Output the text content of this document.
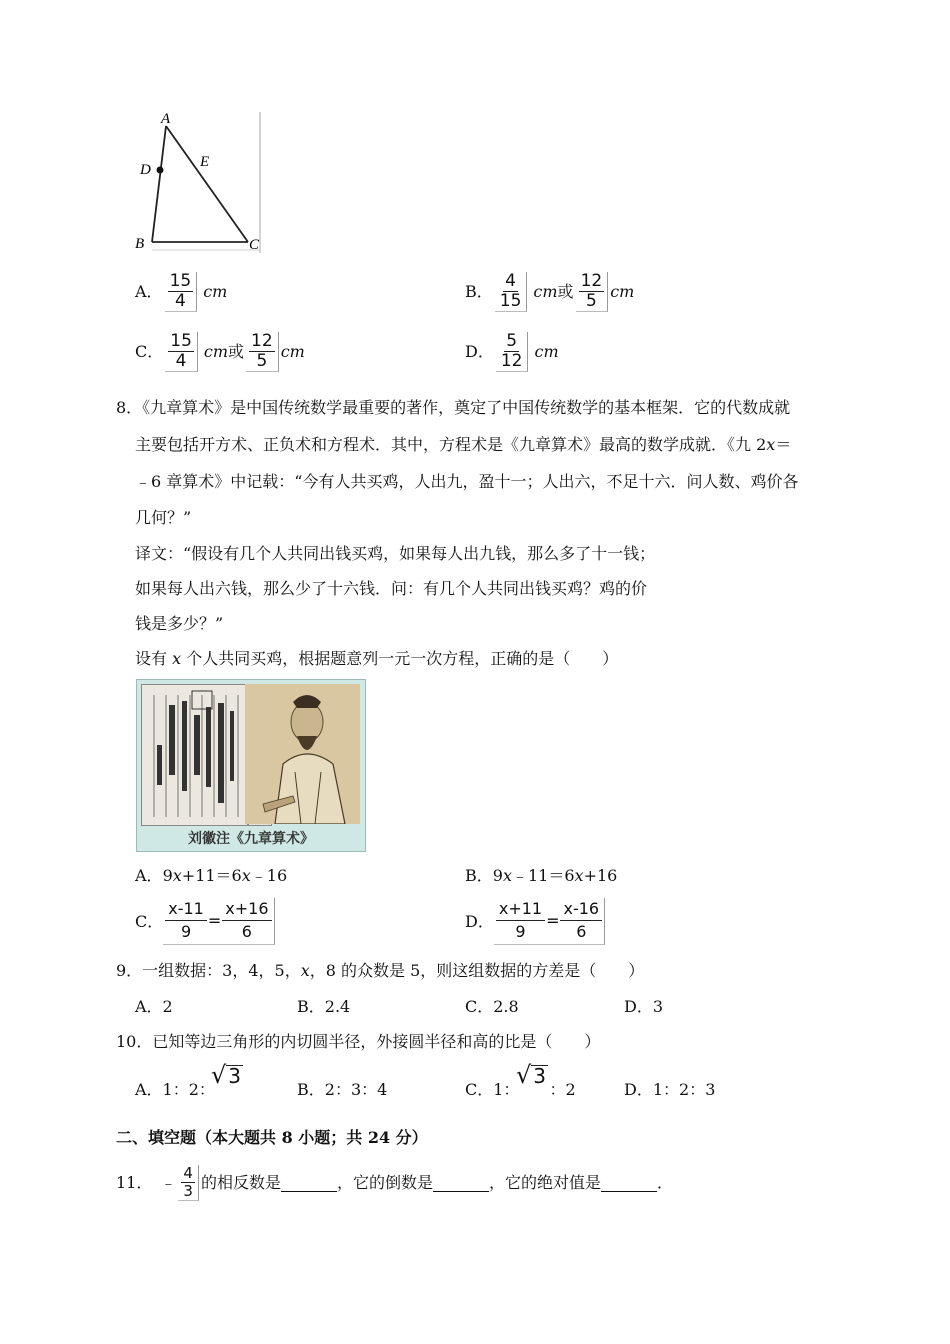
A
D	E
B	C
A． $\frac{15}{4}$ cm	B． $\frac{4}{15}$ cm 或 $\frac{12}{5}$ cm
C． $\frac{15}{4}$ cm 或 $\frac{12}{5}$ cm	D． $\frac{5}{12}$ cm
8．《九章算术》是中国传统数学最重要的著作，奠定了中国传统数学的基本框架．它的代数成就
主要包括开方术、正负术和方程术．其中，方程术是《九章算术》最高的数学成就．《九 2x＝
﹣6 章算术》中记载：“今有人共买鸡，人出九，盈十一；人出六，不足十六．问人数、鸡价各
几何？”
译文：“假设有几个人共同出钱买鸡，如果每人出九钱，那么多了十一钱；
如果每人出六钱，那么少了十六钱．问：有几个人共同出钱买鸡？鸡的价
钱是多少？”
设有 x 个人共同买鸡，根据题意列一元一次方程，正确的是（　　）
刘徽注《九章算术》
A．9x+11＝6x﹣16	B．9x﹣11＝6x+16
C． $\frac{x-11}{9} = \frac{x+16}{6}$	D． $\frac{x+11}{9} = \frac{x-16}{6}$
9．一组数据：3，4，5，x，8 的众数是 5，则这组数据的方差是（　　）
A．2	B．2.4	C．2.8	D．3
10．已知等边三角形的内切圆半径，外接圆半径和高的比是（　　）
A．1：2：
√ 3
B．2：3：4	C．1： ：2
√ 3
D．1：2：3
二、填空题（本大题共 8 小题；共 24 分）
11． ﹣ $\frac{4}{3}$ 的相反数是	，它的倒数是	，它的绝对值是	．
